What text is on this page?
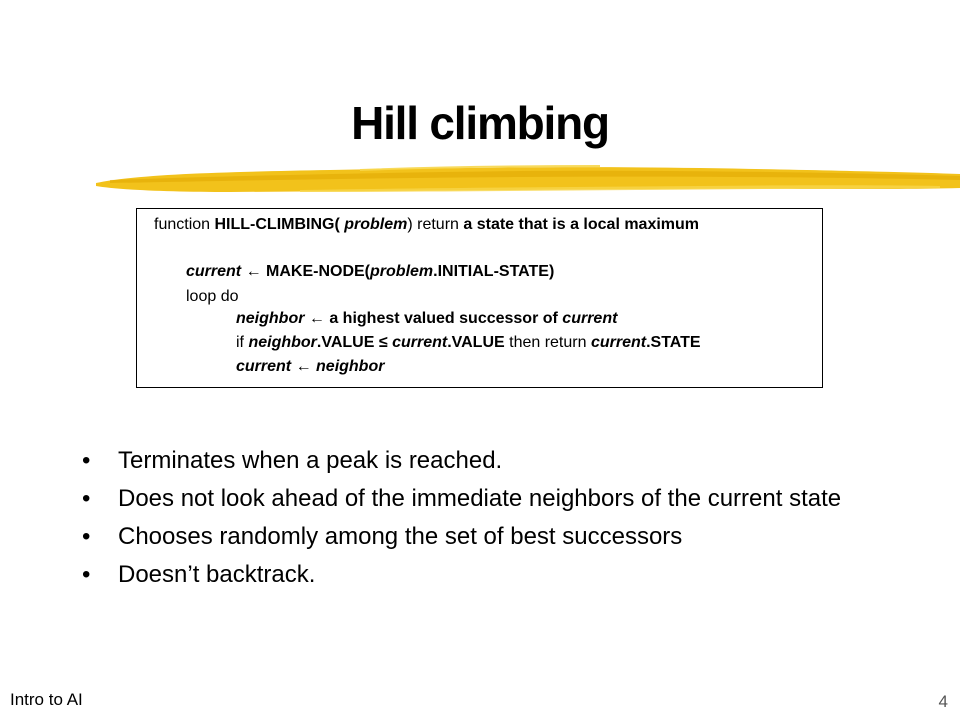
Hill climbing
function HILL-CLIMBING( problem) return a state that is a local maximum
current ← MAKE-NODE(problem.INITIAL-STATE)
loop do
neighbor ← a highest valued successor of current
if neighbor.VALUE ≤ current.VALUE then return current.STATE
current ← neighbor
• Terminates when a peak is reached.
• Does not look ahead of the immediate neighbors of the current state
• Chooses randomly among the set of best successors
• Doesn’t backtrack.
Intro to AI	4
